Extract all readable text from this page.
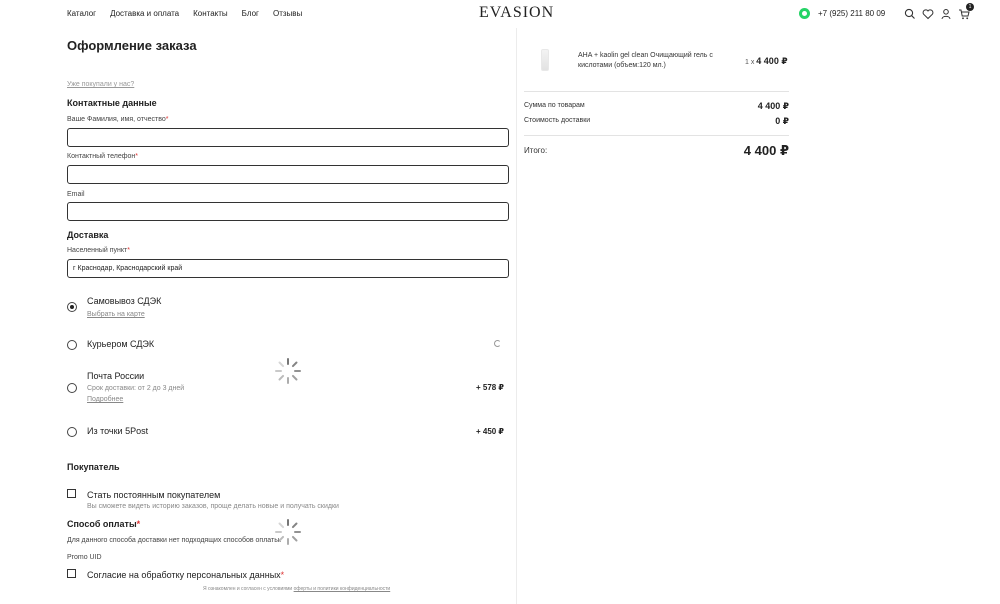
Каталог Доставка и оплата Контакты Блог Отзывы	EVASION	+7 (925) 211 80 09
1
Оформление заказа
Уже покупали у нас?
Контактные данные
Ваше Фамилия, имя, отчество*
Контактный телефон*
Email
Доставка
Населенный пункт*
г Краснодар, Краснодарский край
Самовывоз СДЭК
Выбрать на карте
Курьером СДЭК
Почта России
Срок доставки: от 2 до 3 дней
Подробнее
+ 578 ₽
Из точки 5Post	+ 450 ₽
Покупатель
Стать постоянным покупателем
Вы сможете видеть историю заказов, проще делать новые и получать скидки
Способ оплаты*
Для данного способа доставки нет подходящих способов оплаты.
Promo UID
Согласие на обработку персональных данных*
Я ознакомлен и согласен с условиями оферты и политики конфиденциальности
AHA + kaolin gel clean Очищающий гель с кислотами (объем:120 мл.)	1 x 4 400 ₽
Сумма по товарам	4 400 ₽
Стоимость доставки	0 ₽
Итого:	4 400 ₽
